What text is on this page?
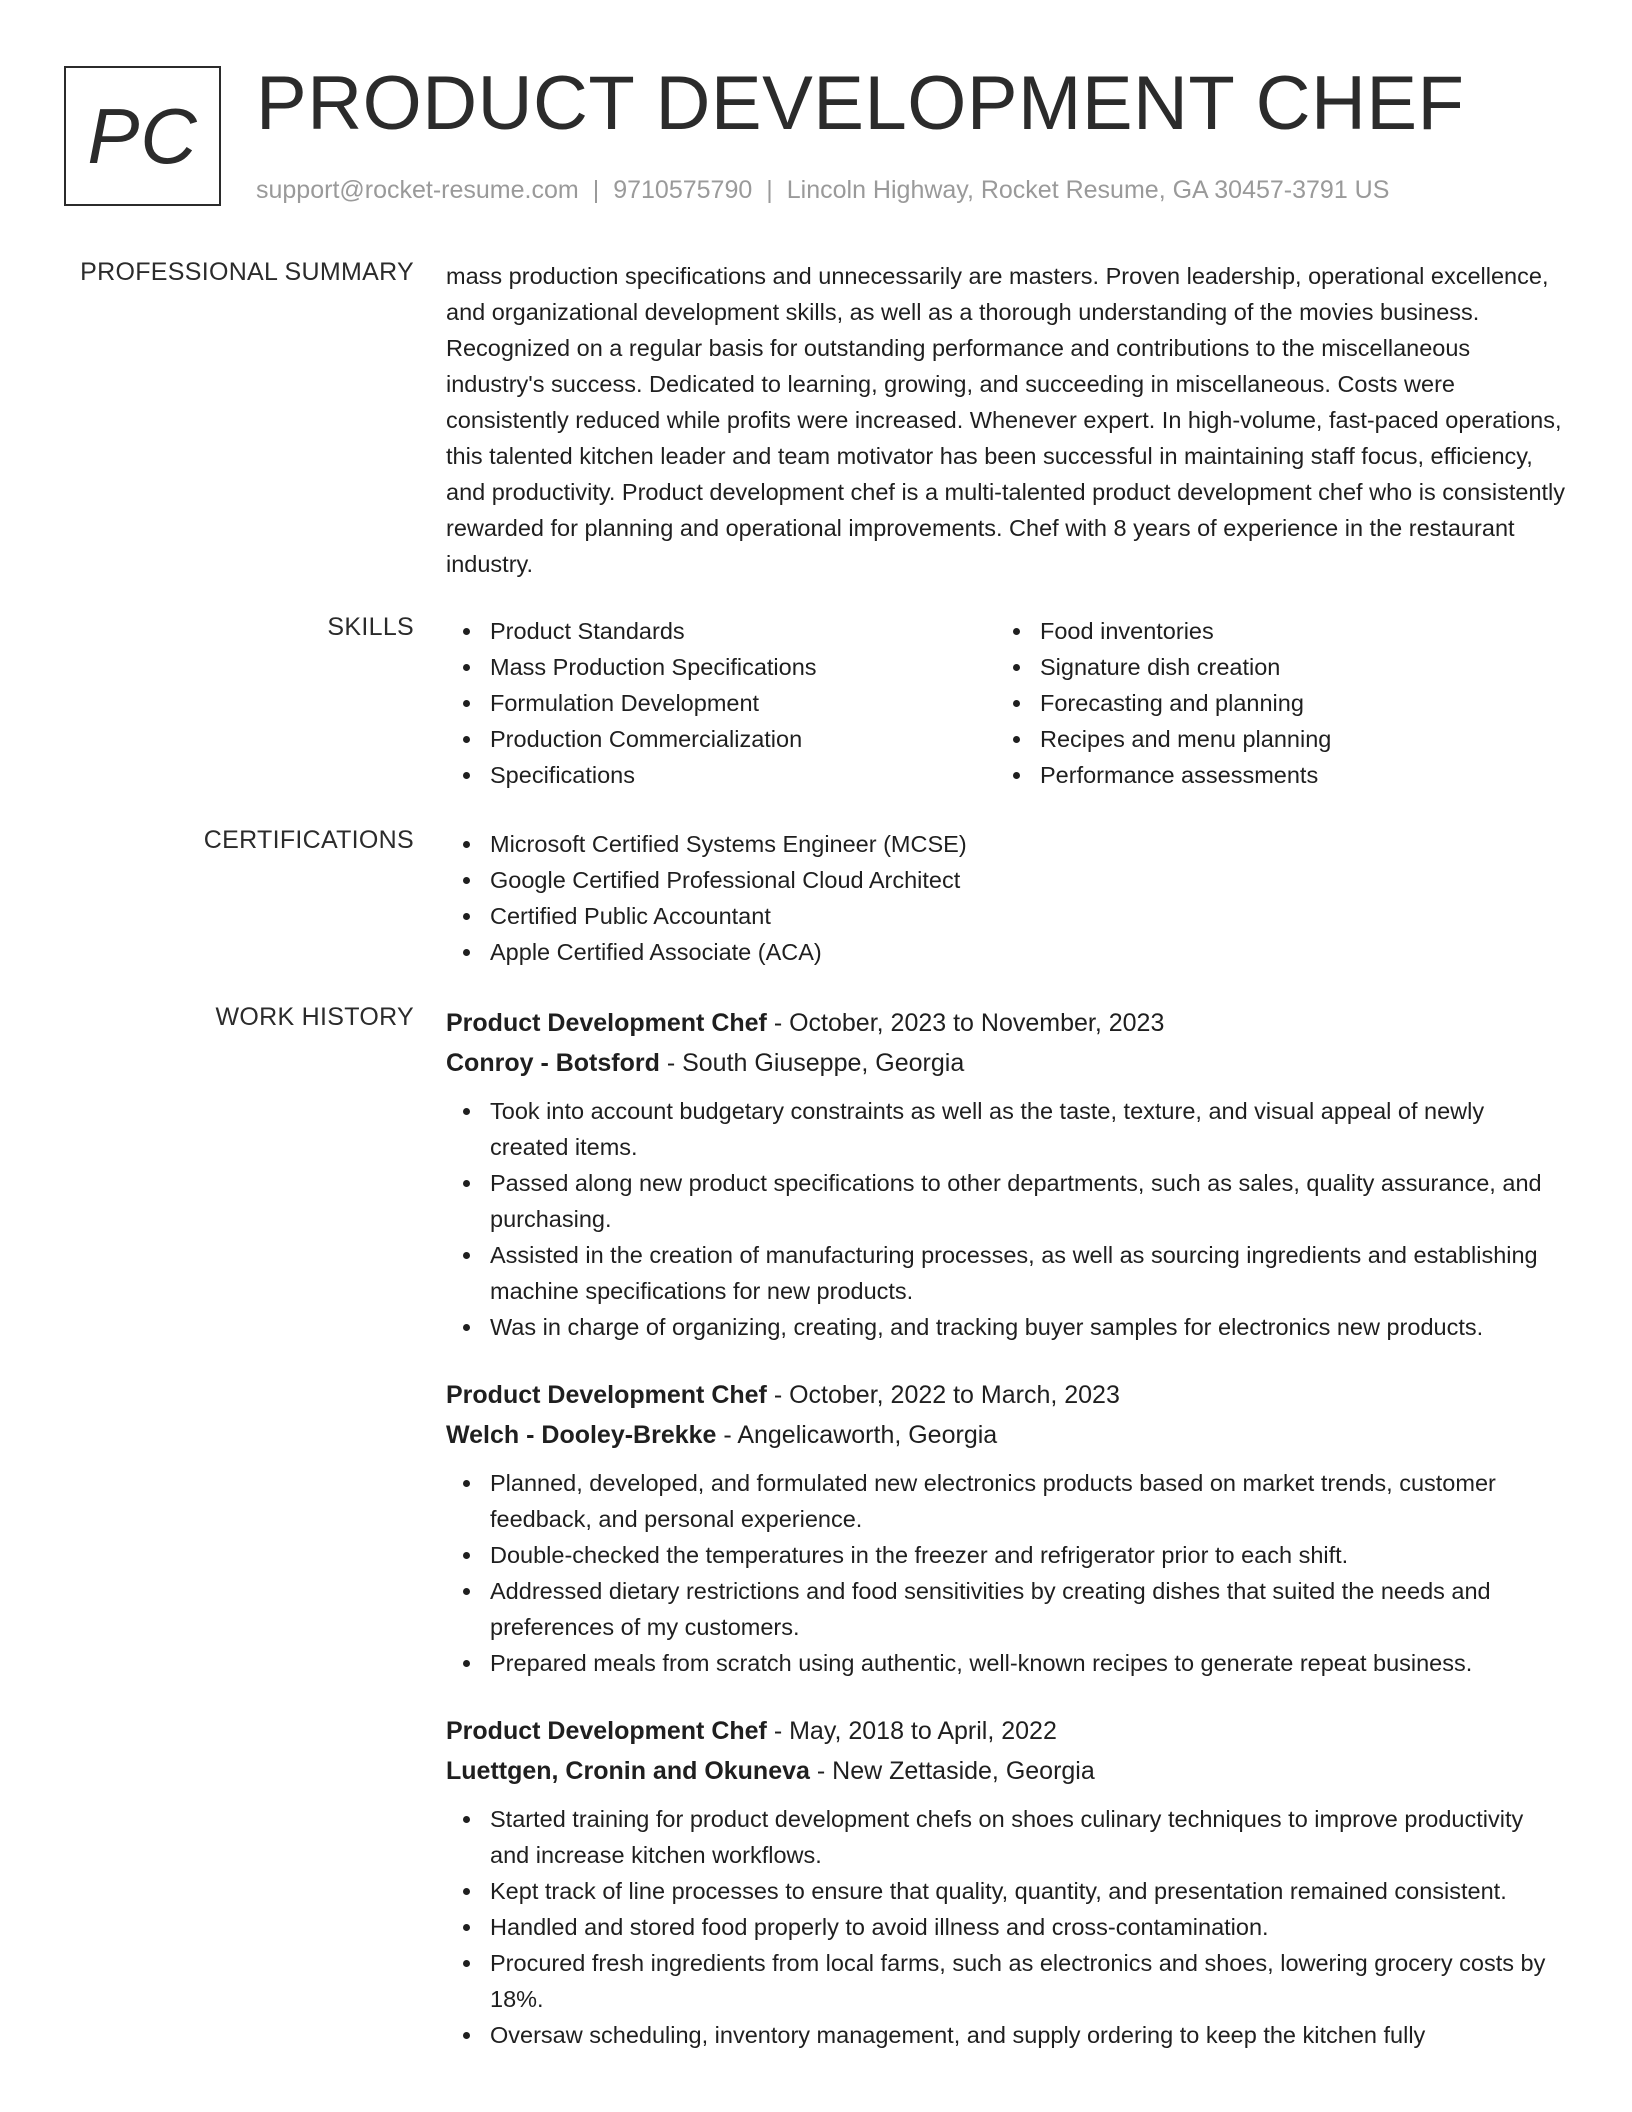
PC PRODUCT DEVELOPMENT CHEF
support@rocket-resume.com | 9710575790 | Lincoln Highway, Rocket Resume, GA 30457-3791 US
PROFESSIONAL SUMMARY mass production specifications and unnecessarily are masters. Proven leadership, operational excellence, and organizational development skills, as well as a thorough understanding of the movies business. Recognized on a regular basis for outstanding performance and contributions to the miscellaneous industry's success. Dedicated to learning, growing, and succeeding in miscellaneous. Costs were consistently reduced while profits were increased. Whenever expert. In high-volume, fast-paced operations, this talented kitchen leader and team motivator has been successful in maintaining staff focus, efficiency, and productivity. Product development chef is a multi-talented product development chef who is consistently rewarded for planning and operational improvements. Chef with 8 years of experience in the restaurant industry.

SKILLS	Product Standards
Mass Production Specifications
Formulation Development
Production Commercialization
Specifications
Food inventories
Signature dish creation
Forecasting and planning
Recipes and menu planning
Performance assessments
CERTIFICATIONS	Microsoft Certified Systems Engineer (MCSE)
Google Certified Professional Cloud Architect
Certified Public Accountant
Apple Certified Associate (ACA)
WORK HISTORY Product Development Chef - October, 2023 to November, 2023
Conroy - Botsford - South Giuseppe, Georgia
Took into account budgetary constraints as well as the taste, texture, and visual appeal of newly created items.
Passed along new product specifications to other departments, such as sales, quality assurance, and purchasing.
Assisted in the creation of manufacturing processes, as well as sourcing ingredients and establishing machine specifications for new products.
Was in charge of organizing, creating, and tracking buyer samples for electronics new products.
Product Development Chef - October, 2022 to March, 2023
Welch - Dooley-Brekke - Angelicaworth, Georgia
Planned, developed, and formulated new electronics products based on market trends, customer feedback, and personal experience.
Double-checked the temperatures in the freezer and refrigerator prior to each shift.
Addressed dietary restrictions and food sensitivities by creating dishes that suited the needs and preferences of my customers.
Prepared meals from scratch using authentic, well-known recipes to generate repeat business.
Product Development Chef - May, 2018 to April, 2022
Luettgen, Cronin and Okuneva - New Zettaside, Georgia
Started training for product development chefs on shoes culinary techniques to improve productivity and increase kitchen workflows.
Kept track of line processes to ensure that quality, quantity, and presentation remained consistent.
Handled and stored food properly to avoid illness and cross-contamination.
Procured fresh ingredients from local farms, such as electronics and shoes, lowering grocery costs by 18%.
Oversaw scheduling, inventory management, and supply ordering to keep the kitchen fully
